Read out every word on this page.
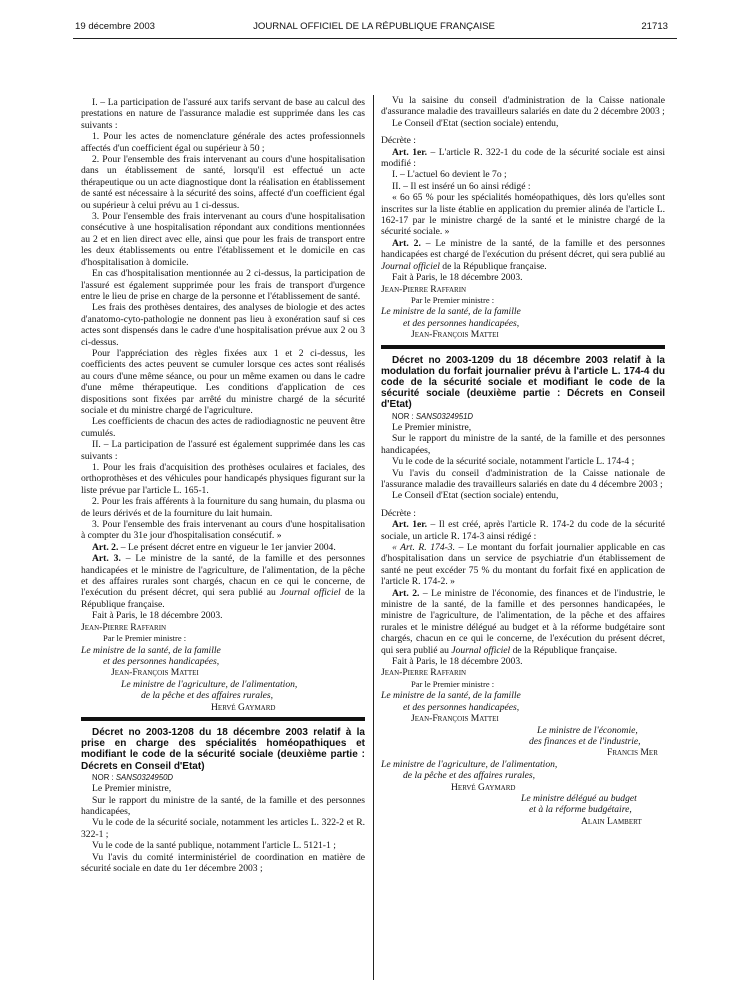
19 décembre 2003	JOURNAL OFFICIEL DE LA RÉPUBLIQUE FRANÇAISE	21713

I. – La participation de l'assuré aux tarifs servant de base au calcul des prestations en nature de l'assurance maladie est supprimée dans les cas suivants :

1. Pour les actes de nomenclature générale des actes professionnels affectés d'un coefficient égal ou supérieur à 50 ;

2. Pour l'ensemble des frais intervenant au cours d'une hospitalisation dans un établissement de santé, lorsqu'il est effectué un acte thérapeutique ou un acte diagnostique dont la réalisation en établissement de santé est nécessaire à la sécurité des soins, affecté d'un coefficient égal ou supérieur à celui prévu au 1 ci-dessus.

3. Pour l'ensemble des frais intervenant au cours d'une hospitalisation consécutive à une hospitalisation répondant aux conditions mentionnées au 2 et en lien direct avec elle, ainsi que pour les frais de transport entre les deux établissements ou entre l'établissement et le domicile en cas d'hospitalisation à domicile.

En cas d'hospitalisation mentionnée au 2 ci-dessus, la participation de l'assuré est également supprimée pour les frais de transport d'urgence entre le lieu de prise en charge de la personne et l'établissement de santé.

Les frais des prothèses dentaires, des analyses de biologie et des actes d'anatomo-cyto-pathologie ne donnent pas lieu à exonération sauf si ces actes sont dispensés dans le cadre d'une hospitalisation prévue aux 2 ou 3 ci-dessus.

Pour l'appréciation des règles fixées aux 1 et 2 ci-dessus, les coefficients des actes peuvent se cumuler lorsque ces actes sont réalisés au cours d'une même séance, ou pour un même examen ou dans le cadre d'une même thérapeutique. Les conditions d'application de ces dispositions sont fixées par arrêté du ministre chargé de la sécurité sociale et du ministre chargé de l'agriculture.

Les coefficients de chacun des actes de radiodiagnostic ne peuvent être cumulés.

II. – La participation de l'assuré est également supprimée dans les cas suivants :

1. Pour les frais d'acquisition des prothèses oculaires et faciales, des orthoprothèses et des véhicules pour handicapés physiques figurant sur la liste prévue par l'article L. 165-1.

2. Pour les frais afférents à la fourniture du sang humain, du plasma ou de leurs dérivés et de la fourniture du lait humain.

3. Pour l'ensemble des frais intervenant au cours d'une hospitalisation à compter du 31e jour d'hospitalisation consécutif. »

Art. 2. – Le présent décret entre en vigueur le 1er janvier 2004.

Art. 3. – Le ministre de la santé, de la famille et des personnes handicapées et le ministre de l'agriculture, de l'alimentation, de la pêche et des affaires rurales sont chargés, chacun en ce qui le concerne, de l'exécution du présent décret, qui sera publié au Journal officiel de la République française.

Fait à Paris, le 18 décembre 2003.

Jean-Pierre Raffarin

Par le Premier ministre :

Le ministre de la santé, de la famille

et des personnes handicapées,

Jean-François Mattei

Le ministre de l'agriculture, de l'alimentation,

de la pêche et des affaires rurales,

Hervé Gaymard

Décret no 2003-1208 du 18 décembre 2003 relatif à la prise en charge des spécialités homéopathiques et modifiant le code de la sécurité sociale (deuxième partie : Décrets en Conseil d'Etat)

NOR : SANS0324950D

Le Premier ministre,

Sur le rapport du ministre de la santé, de la famille et des personnes handicapées,

Vu le code de la sécurité sociale, notamment les articles L. 322-2 et R. 322-1 ;

Vu le code de la santé publique, notamment l'article L. 5121-1 ;

Vu l'avis du comité interministériel de coordination en matière de sécurité sociale en date du 1er décembre 2003 ;

Vu la saisine du conseil d'administration de la Caisse nationale d'assurance maladie des travailleurs salariés en date du 2 décembre 2003 ;

Le Conseil d'Etat (section sociale) entendu,

Décrète :

Art. 1er. – L'article R. 322-1 du code de la sécurité sociale est ainsi modifié :

I. – L'actuel 6o devient le 7o ;

II. – Il est inséré un 6o ainsi rédigé :

« 6o 65 % pour les spécialités homéopathiques, dès lors qu'elles sont inscrites sur la liste établie en application du premier alinéa de l'article L. 162-17 par le ministre chargé de la santé et le ministre chargé de la sécurité sociale. »

Art. 2. – Le ministre de la santé, de la famille et des personnes handicapées est chargé de l'exécution du présent décret, qui sera publié au Journal officiel de la République française.

Fait à Paris, le 18 décembre 2003.

Jean-Pierre Raffarin

Par le Premier ministre :

Le ministre de la santé, de la famille

et des personnes handicapées,

Jean-François Mattei

Décret no 2003-1209 du 18 décembre 2003 relatif à la modulation du forfait journalier prévu à l'article L. 174-4 du code de la sécurité sociale et modifiant le code de la sécurité sociale (deuxième partie : Décrets en Conseil d'Etat)

NOR : SANS0324951D

Le Premier ministre,

Sur le rapport du ministre de la santé, de la famille et des personnes handicapées,

Vu le code de la sécurité sociale, notamment l'article L. 174-4 ;

Vu l'avis du conseil d'administration de la Caisse nationale de l'assurance maladie des travailleurs salariés en date du 4 décembre 2003 ;

Le Conseil d'Etat (section sociale) entendu,

Décrète :

Art. 1er. – Il est créé, après l'article R. 174-2 du code de la sécurité sociale, un article R. 174-3 ainsi rédigé :

« Art. R. 174-3. – Le montant du forfait journalier applicable en cas d'hospitalisation dans un service de psychiatrie d'un établissement de santé ne peut excéder 75 % du montant du forfait fixé en application de l'article R. 174-2. »

Art. 2. – Le ministre de l'économie, des finances et de l'industrie, le ministre de la santé, de la famille et des personnes handicapées, le ministre de l'agriculture, de l'alimentation, de la pêche et des affaires rurales et le ministre délégué au budget et à la réforme budgétaire sont chargés, chacun en ce qui le concerne, de l'exécution du présent décret, qui sera publié au Journal officiel de la République française.

Fait à Paris, le 18 décembre 2003.

Jean-Pierre Raffarin

Par le Premier ministre :

Le ministre de la santé, de la famille

et des personnes handicapées,

Jean-François Mattei

Le ministre de l'économie,

des finances et de l'industrie,

Francis Mer

Le ministre de l'agriculture, de l'alimentation,

de la pêche et des affaires rurales,

Hervé Gaymard

Le ministre délégué au budget

et à la réforme budgétaire,

Alain Lambert
